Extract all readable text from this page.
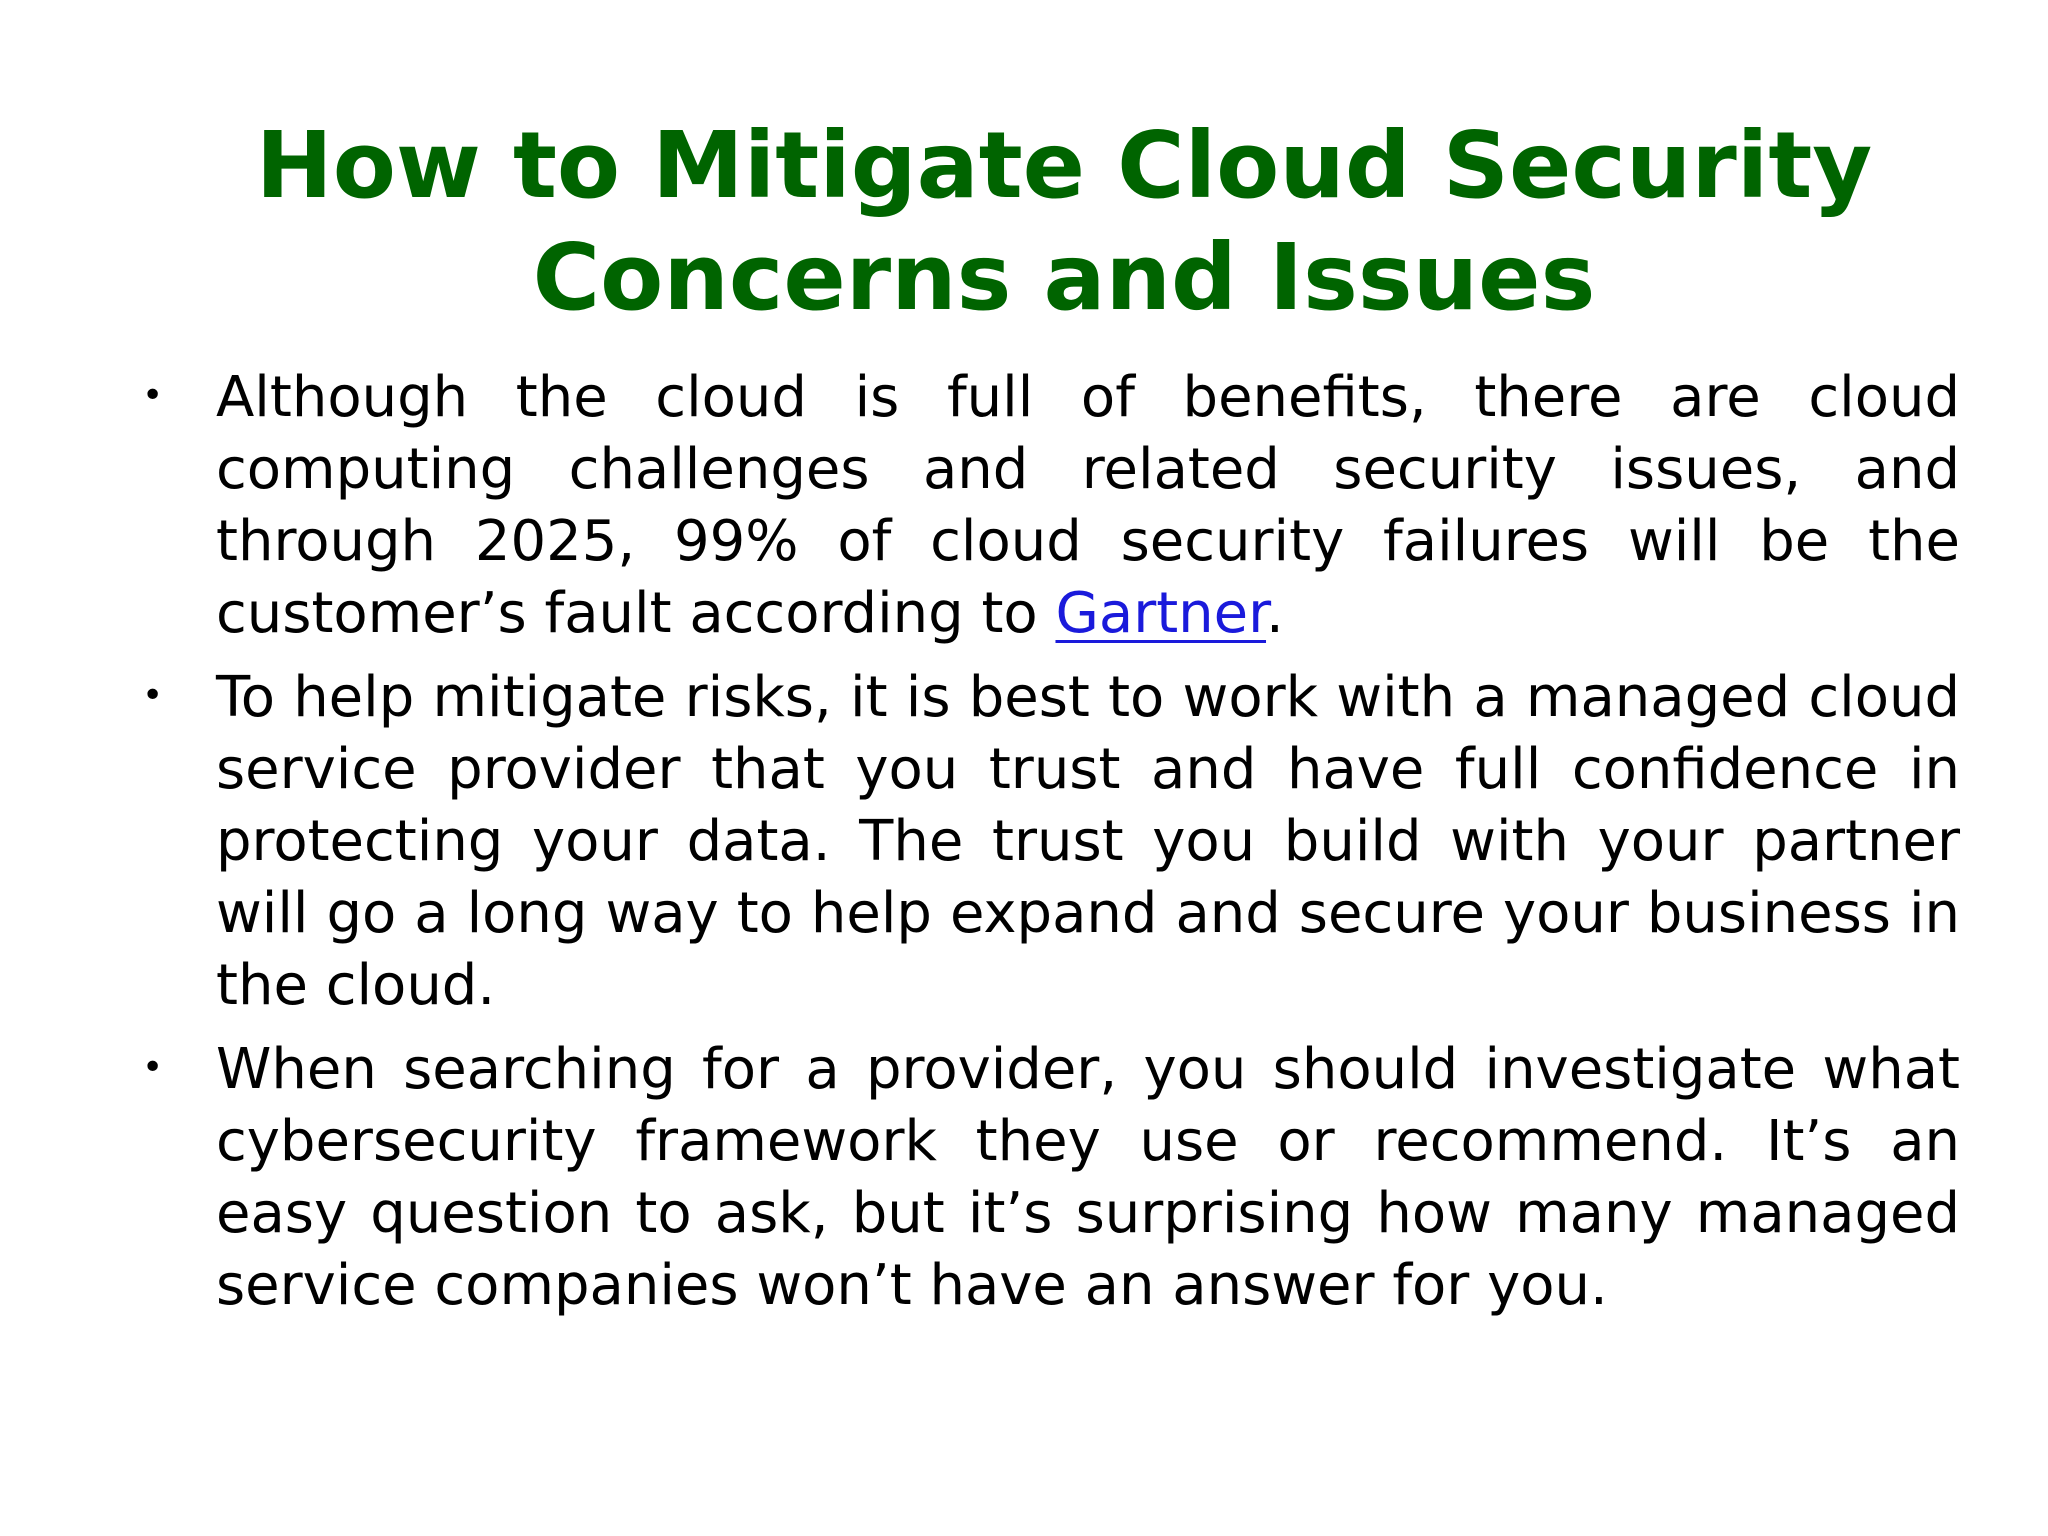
How to Mitigate Cloud Security Concerns and Issues
• Although the cloud is full of benefits, there are cloud computing challenges and related security issues, and through 2025, 99% of cloud security failures will be the customer’s fault according to Gartner.
• To help mitigate risks, it is best to work with a managed cloud service provider that you trust and have full confidence in protecting your data. The trust you build with your partner will go a long way to help expand and secure your business in the cloud.
• When searching for a provider, you should investigate what cybersecurity framework they use or recommend. It’s an easy question to ask, but it’s surprising how many managed service companies won’t have an answer for you.
